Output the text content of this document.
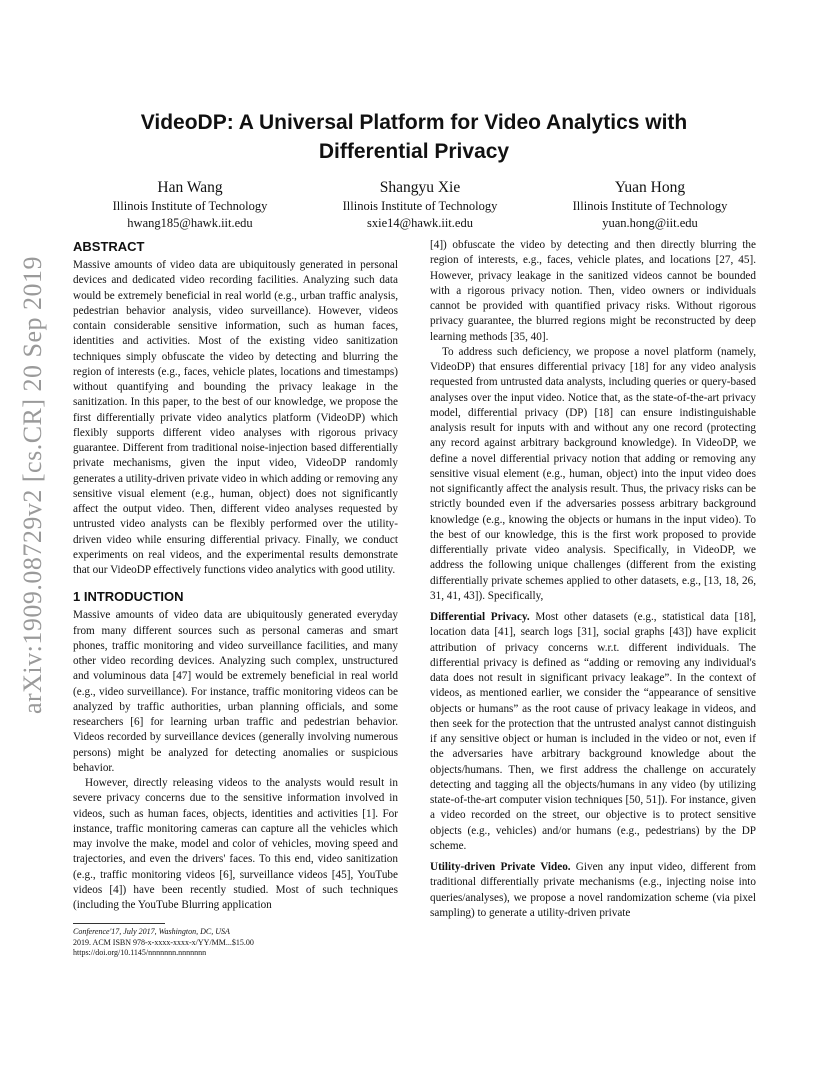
arXiv:1909.08729v2 [cs.CR] 20 Sep 2019
VideoDP: A Universal Platform for Video Analytics with Differential Privacy
Han Wang
Illinois Institute of Technology
hwang185@hawk.iit.edu
Shangyu Xie
Illinois Institute of Technology
sxie14@hawk.iit.edu
Yuan Hong
Illinois Institute of Technology
yuan.hong@iit.edu
ABSTRACT

Massive amounts of video data are ubiquitously generated in personal devices and dedicated video recording facilities. Analyzing such data would be extremely beneficial in real world (e.g., urban traffic analysis, pedestrian behavior analysis, video surveillance). However, videos contain considerable sensitive information, such as human faces, identities and activities. Most of the existing video sanitization techniques simply obfuscate the video by detecting and blurring the region of interests (e.g., faces, vehicle plates, locations and timestamps) without quantifying and bounding the privacy leakage in the sanitization. In this paper, to the best of our knowledge, we propose the first differentially private video analytics platform (VideoDP) which flexibly supports different video analyses with rigorous privacy guarantee. Different from traditional noise-injection based differentially private mechanisms, given the input video, VideoDP randomly generates a utility-driven private video in which adding or removing any sensitive visual element (e.g., human, object) does not significantly affect the output video. Then, different video analyses requested by untrusted video analysts can be flexibly performed over the utility-driven video while ensuring differential privacy. Finally, we conduct experiments on real videos, and the experimental results demonstrate that our VideoDP effectively functions video analytics with good utility.

1 INTRODUCTION

Massive amounts of video data are ubiquitously generated everyday from many different sources such as personal cameras and smart phones, traffic monitoring and video surveillance facilities, and many other video recording devices. Analyzing such complex, unstructured and voluminous data [47] would be extremely beneficial in real world (e.g., video surveillance). For instance, traffic monitoring videos can be analyzed by traffic authorities, urban planning officials, and some researchers [6] for learning urban traffic and pedestrian behavior. Videos recorded by surveillance devices (generally involving numerous persons) might be analyzed for detecting anomalies or suspicious behavior.

However, directly releasing videos to the analysts would result in severe privacy concerns due to the sensitive information involved in videos, such as human faces, objects, identities and activities [1]. For instance, traffic monitoring cameras can capture all the vehicles which may involve the make, model and color of vehicles, moving speed and trajectories, and even the drivers' faces. To this end, video sanitization (e.g., traffic monitoring videos [6], surveillance videos [45], YouTube videos [4]) have been recently studied. Most of such techniques (including the YouTube Blurring application

[4]) obfuscate the video by detecting and then directly blurring the region of interests, e.g., faces, vehicle plates, and locations [27, 45]. However, privacy leakage in the sanitized videos cannot be bounded with a rigorous privacy notion. Then, video owners or individuals cannot be provided with quantified privacy risks. Without rigorous privacy guarantee, the blurred regions might be reconstructed by deep learning methods [35, 40].

To address such deficiency, we propose a novel platform (namely, VideoDP) that ensures differential privacy [18] for any video analysis requested from untrusted data analysts, including queries or query-based analyses over the input video. Notice that, as the state-of-the-art privacy model, differential privacy (DP) [18] can ensure indistinguishable analysis result for inputs with and without any one record (protecting any record against arbitrary background knowledge). In VideoDP, we define a novel differential privacy notion that adding or removing any sensitive visual element (e.g., human, object) into the input video does not significantly affect the analysis result. Thus, the privacy risks can be strictly bounded even if the adversaries possess arbitrary background knowledge (e.g., knowing the objects or humans in the input video). To the best of our knowledge, this is the first work proposed to provide differentially private video analysis. Specifically, in VideoDP, we address the following unique challenges (different from the existing differentially private schemes applied to other datasets, e.g., [13, 18, 26, 31, 41, 43]). Specifically,

Differential Privacy. Most other datasets (e.g., statistical data [18], location data [41], search logs [31], social graphs [43]) have explicit attribution of privacy concerns w.r.t. different individuals. The differential privacy is defined as “adding or removing any individual's data does not result in significant privacy leakage”. In the context of videos, as mentioned earlier, we consider the “appearance of sensitive objects or humans” as the root cause of privacy leakage in videos, and then seek for the protection that the untrusted analyst cannot distinguish if any sensitive object or human is included in the video or not, even if the adversaries have arbitrary background knowledge about the objects/humans. Then, we first address the challenge on accurately detecting and tagging all the objects/humans in any video (by utilizing state-of-the-art computer vision techniques [50, 51]). For instance, given a video recorded on the street, our objective is to protect sensitive objects (e.g., vehicles) and/or humans (e.g., pedestrians) by the DP scheme.

Utility-driven Private Video. Given any input video, different from traditional differentially private mechanisms (e.g., injecting noise into queries/analyses), we propose a novel randomization scheme (via pixel sampling) to generate a utility-driven private

Conference'17, July 2017, Washington, DC, USA
2019. ACM ISBN 978-x-xxxx-xxxx-x/YY/MM...$15.00
https://doi.org/10.1145/nnnnnnn.nnnnnnn
